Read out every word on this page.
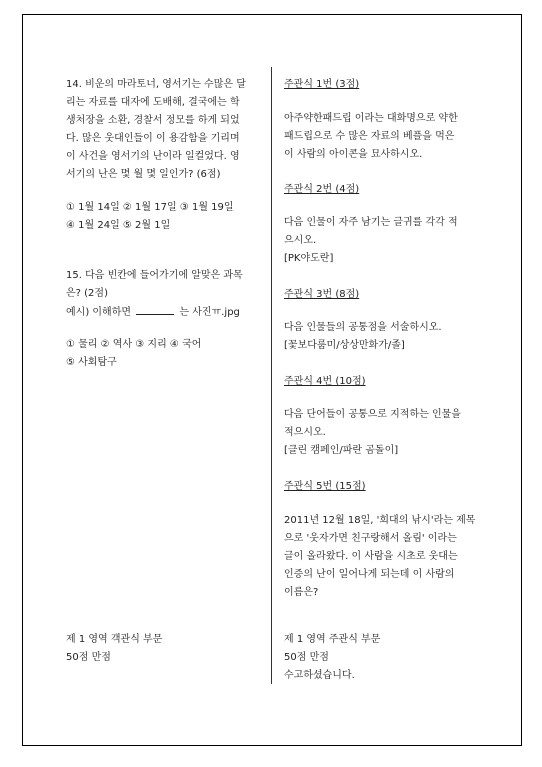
14. 비운의 마라토너, 영서기는 수많은 달
리는 자료를 대자에 도배해, 결국에는 학
생처장을 소환, 경찰서 정모를 하게 되었
다. 많은 웃대인들이 이 용감함을 기리며
이 사건을 영서기의 난이라 일컬었다. 영
서기의 난은 몇 월 몇 일인가? (6점)
① 1월 14일 ② 1월 17일 ③ 1월 19일
④ 1월 24일 ⑤ 2월 1일
15. 다음 빈칸에 들어가기에 알맞은 과목
은? (2점)
예시) 이해하면	는 사진ㅠ.jpg
① 물리 ② 역사 ③ 지리 ④ 국어
⑤ 사회탐구
제 1 영역 객관식 부문
50점 만점
주관식 1번 (3점)
아주약한패드립 이라는 대화명으로 약한
패드립으로 수 많은 자료의 베플을 먹은
이 사람의 아이콘을 묘사하시오.
주관식 2번 (4점)
다음 인물이 자주 남기는 글귀를 각각 적
으시오.
[PK야도란]
주관식 3번 (8점)
다음 인물들의 공통점을 서술하시오.
[꽃보다룸미/상상만화가/졸]
주관식 4번 (10점)
다음 단어들이 공통으로 지적하는 인물을
적으시오.
[클린 캠페인/파란 곰돌이]
주관식 5번 (15점)
2011년 12월 18일, '희대의 낚시'라는 제목
으로 '웃자가면 친구랑해서 올림' 이라는
글이 올라왔다. 이 사람을 시초로 웃대는
인증의 난이 일어나게 되는데 이 사람의
이름은?
제 1 영역 주관식 부문
50점 만점
수고하셨습니다.
